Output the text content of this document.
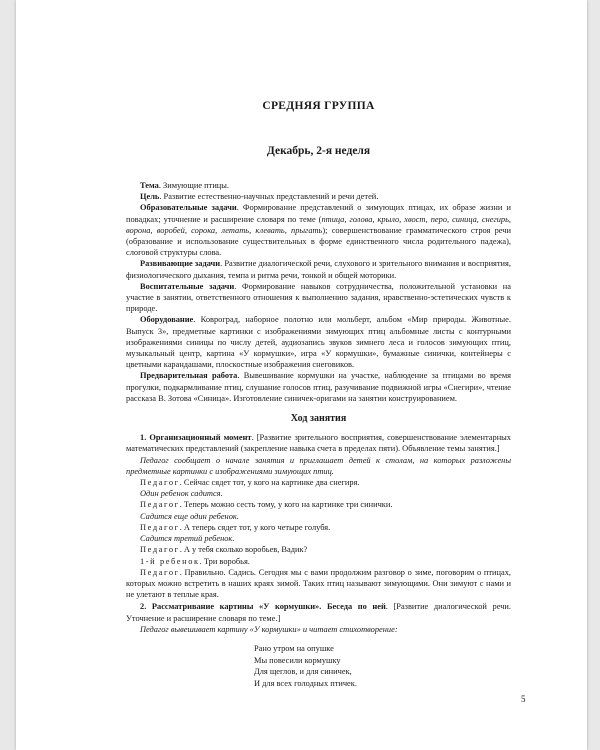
СРЕДНЯЯ ГРУППА
Декабрь, 2-я неделя

Тема. Зимующие птицы.

Цель. Развитие естественно-научных представлений и речи детей.

Образовательные задачи. Формирование представлений о зимующих птицах, их образе жизни и повадках; уточнение и расширение словаря по теме (птица, голова, крыло, хвост, перо, синица, снегирь, ворона, воробей, сорока, летать, клевать, прыгать); совершенствование грамматического строя речи (образование и использование существительных в форме единственного числа родительного падежа), слоговой структуры слова.

Развивающие задачи. Развитие диалогической речи, слухового и зрительного внимания и восприятия, физиологического дыхания, темпа и ритма речи, тонкой и общей моторики.

Воспитательные задачи. Формирование навыков сотрудничества, положительной установки на участие в занятии, ответственного отношения к выполнению задания, нравственно-эстетических чувств к природе.

Оборудование. Ковроград, наборное полотно или мольберт, альбом «Мир природы. Животные. Выпуск 3», предметные картинки с изображениями зимующих птиц альбомные листы с контурными изображениями синицы по числу детей, аудиозапись звуков зимнего леса и голосов зимующих птиц, музыкальный центр, картина «У кормушки», игра «У кормушки», бумажные синички, контейнеры с цветными карандашами, плоскостные изображения снеговиков.

Предварительная работа. Вывешивание кормушки на участке, наблюдение за птицами во время прогулки, подкармливание птиц, слушание голосов птиц, разучивание подвижной игры «Снегири», чтение рассказа В. Зотова «Синица». Изготовление синичек-оригами на занятии конструированием.

Ход занятия

1. Организационный момент. [Развитие зрительного восприятия, совершенствование элементарных математических представлений (закрепление навыка счета в пределах пяти). Объявление темы занятия.]

Педагог сообщает о начале занятия и приглашает детей к столам, на которых разложены предметные картинки с изображениями зимующих птиц.

Педагог. Сейчас сядет тот, у кого на картинке два снегиря.

Один ребенок садится.

Педагог. Теперь можно сесть тому, у кого на картинке три синички.

Садится еще один ребенок.

Педагог. А теперь сядет тот, у кого четыре голубя.

Садится третий ребенок.

Педагог. А у тебя сколько воробьев, Вадик?

1-й ребенок. Три воробья.

Педагог. Правильно. Садись. Сегодня мы с вами продолжим разговор о зиме, поговорим о птицах, которых можно встретить в наших краях зимой. Таких птиц называют зимующими. Они зимуют с нами и не улетают в теплые края.

2. Рассматривание картины «У кормушки». Беседа по ней. [Развитие диалогической речи. Уточнение и расширение словаря по теме.]

Педагог вывешивает картину «У кормушки» и читает стихотворение:

Рано утром на опушке
Мы повесили кормушку
Для щеглов, и для синичек,
И для всех голодных птичек.
5
